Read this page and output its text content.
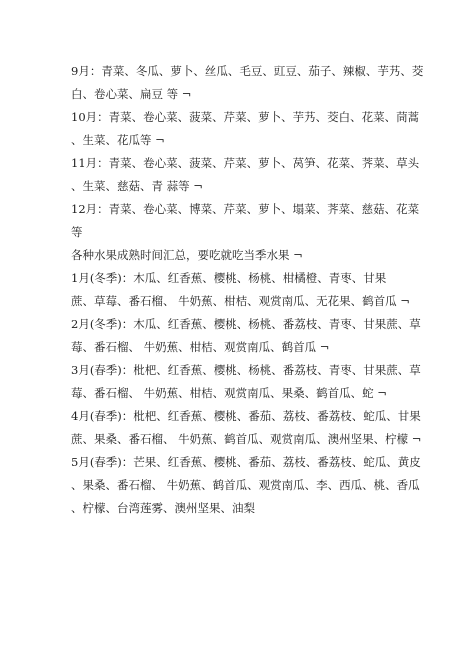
9月：青菜、冬瓜、萝卜、丝瓜、毛豆、豇豆、茄子、辣椒、芋艿、茭
白、卷心菜、扁豆 等 ¬
10月：青菜、卷心菜、菠菜、芹菜、萝卜、芋艿、茭白、花菜、茼蒿
、生菜、花瓜等 ¬
11月：青菜、卷心菜、菠菜、芹菜、萝卜、莴笋、花菜、荠菜、草头
、生菜、慈菇、青 蒜等 ¬
12月：青菜、卷心菜、博菜、芹菜、萝卜、塌菜、荠菜、慈菇、花菜
等
各种水果成熟时间汇总，要吃就吃当季水果 ¬
1月(冬季)：木瓜、红香蕉、樱桃、杨桃、柑橘橙、青枣、甘果
蔗、草莓、番石榴、 牛奶蕉、柑桔、观赏南瓜、无花果、鹤首瓜 ¬
2月(冬季)：木瓜、红香蕉、樱桃、杨桃、番荔枝、青枣、甘果蔗、草
莓、番石榴、 牛奶蕉、柑桔、观赏南瓜、鹤首瓜 ¬
3月(春季)：枇杷、红香蕉、樱桃、杨桃、番荔枝、青枣、甘果蔗、草
莓、番石榴、 牛奶蕉、柑桔、观赏南瓜、果桑、鹤首瓜、蛇 ¬
4月(春季)：枇杷、红香蕉、樱桃、番茄、荔枝、番荔枝、蛇瓜、甘果
蔗、果桑、番石榴、 牛奶蕉、鹤首瓜、观赏南瓜、澳州坚果、柠檬 ¬
5月(春季)：芒果、红香蕉、樱桃、番茄、荔枝、番荔枝、蛇瓜、黄皮
、果桑、番石榴、 牛奶蕉、鹤首瓜、观赏南瓜、李、西瓜、桃、香瓜
、柠檬、台湾莲雾、澳州坚果、油梨
